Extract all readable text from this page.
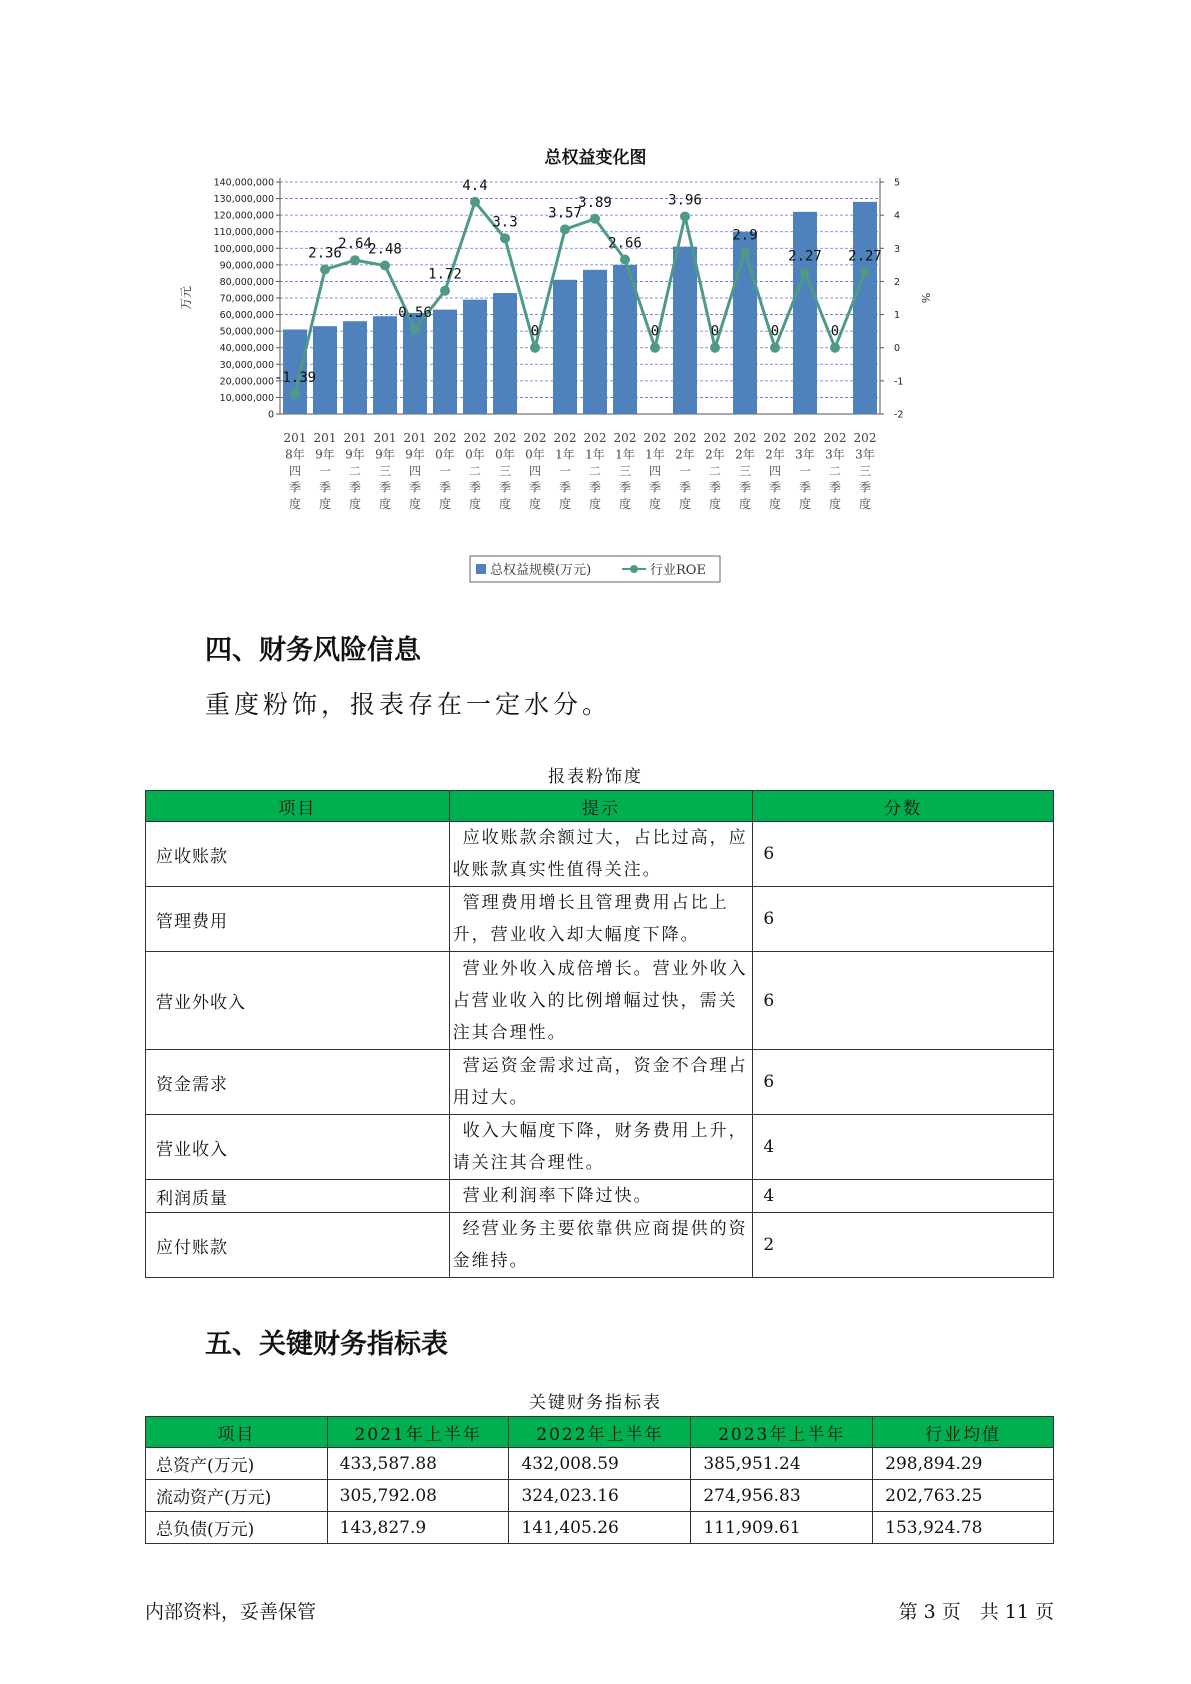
总权益变化图
0
10,000,000
20,000,000
30,000,000
40,000,000
50,000,000
60,000,000
70,000,000
80,000,000
90,000,000
100,000,000
110,000,000
120,000,000
130,000,000
140,000,000
-2
-1
0
1
2
3
4
5
万元	%
-1.39
2.36
2.64
2.48
0.56
1.72
4.4
3.3
0
3.57
3.89
2.66
0
3.96
0
2.9
0
2.27
0
2.27
201
8年
四
季
度
201
9年
一
季
度
201
9年
二
季
度
201
9年
三
季
度
201
9年
四
季
度
202
0年
一
季
度
202
0年
二
季
度
202
0年
三
季
度
202
0年
四
季
度
202
1年
一
季
度
202
1年
二
季
度
202
1年
三
季
度
202
1年
四
季
度
202
2年
一
季
度
202
2年
二
季
度
202
2年
三
季
度
202
2年
四
季
度
202
3年
一
季
度
202
3年
二
季
度
202
3年
三
季
度
总权益规模(万元)	行业ROE
四、财务风险信息
重度粉饰，报表存在一定水分。
报表粉饰度
项目	提示	分数
应收账款	应收账款余额过大，占比过高，应收账款真实性值得关注。	6
管理费用	管理费用增长且管理费用占比上升，营业收入却大幅度下降。	6
营业外收入	营业外收入成倍增长。营业外收入占营业收入的比例增幅过快，需关注其合理性。	6
资金需求	营运资金需求过高，资金不合理占用过大。	6
营业收入	收入大幅度下降，财务费用上升，请关注其合理性。	4
利润质量	营业利润率下降过快。	4
应付账款	经营业务主要依靠供应商提供的资金维持。	2
五、关键财务指标表
关键财务指标表
项目	2021年上半年	2022年上半年	2023年上半年	行业均值
总资产(万元)	433,587.88	432,008.59	385,951.24	298,894.29
流动资产(万元)	305,792.08	324,023.16	274,956.83	202,763.25
总负债(万元)	143,827.9	141,405.26	111,909.61	153,924.78
内部资料，妥善保管	第 3 页　共 11 页
